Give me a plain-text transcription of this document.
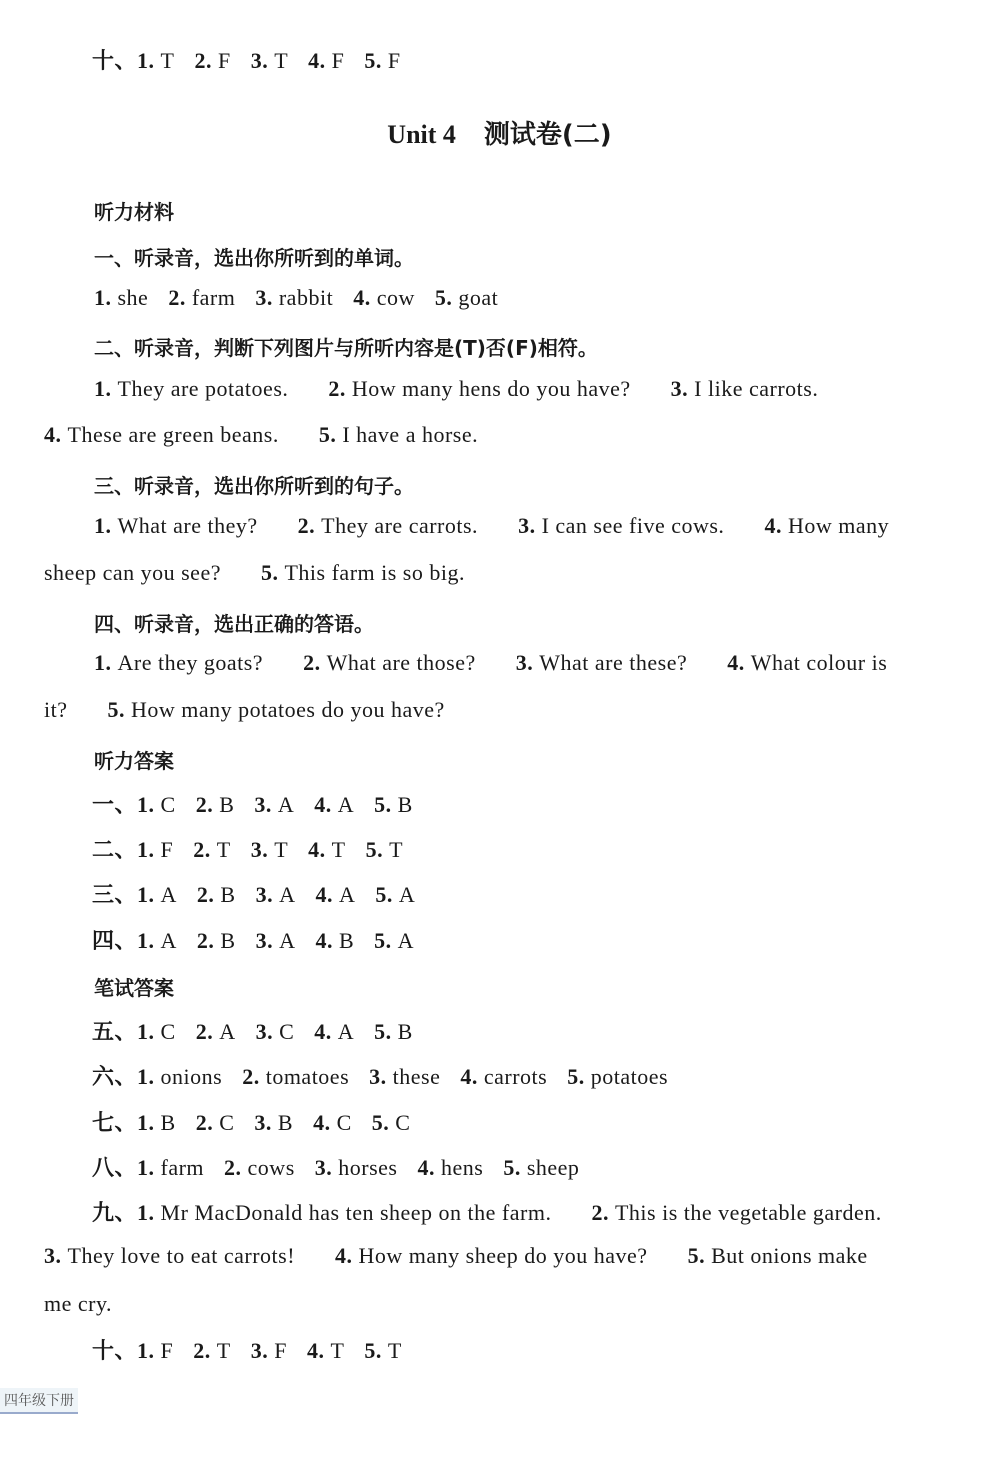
十、1. T 2. F 3. T 4. F 5. F
Unit 4 测试卷(二)
听力材料
一、听录音，选出你所听到的单词。
1. she 2. farm 3. rabbit 4. cow 5. goat
二、听录音，判断下列图片与所听内容是(T)否(F)相符。
1. They are potatoes. 2. How many hens do you have? 3. I like carrots.
4. These are green beans. 5. I have a horse.
三、听录音，选出你所听到的句子。
1. What are they? 2. They are carrots. 3. I can see five cows. 4. How many
sheep can you see? 5. This farm is so big.
四、听录音，选出正确的答语。
1. Are they goats? 2. What are those? 3. What are these? 4. What colour is
it? 5. How many potatoes do you have?
听力答案
一、1. C 2. B 3. A 4. A 5. B
二、1. F 2. T 3. T 4. T 5. T
三、1. A 2. B 3. A 4. A 5. A
四、1. A 2. B 3. A 4. B 5. A
笔试答案
五、1. C 2. A 3. C 4. A 5. B
六、1. onions 2. tomatoes 3. these 4. carrots 5. potatoes
七、1. B 2. C 3. B 4. C 5. C
八、1. farm 2. cows 3. horses 4. hens 5. sheep
九、1. Mr MacDonald has ten sheep on the farm. 2. This is the vegetable garden.
3. They love to eat carrots! 4. How many sheep do you have? 5. But onions make
me cry.
十、1. F 2. T 3. F 4. T 5. T
四年级下册
